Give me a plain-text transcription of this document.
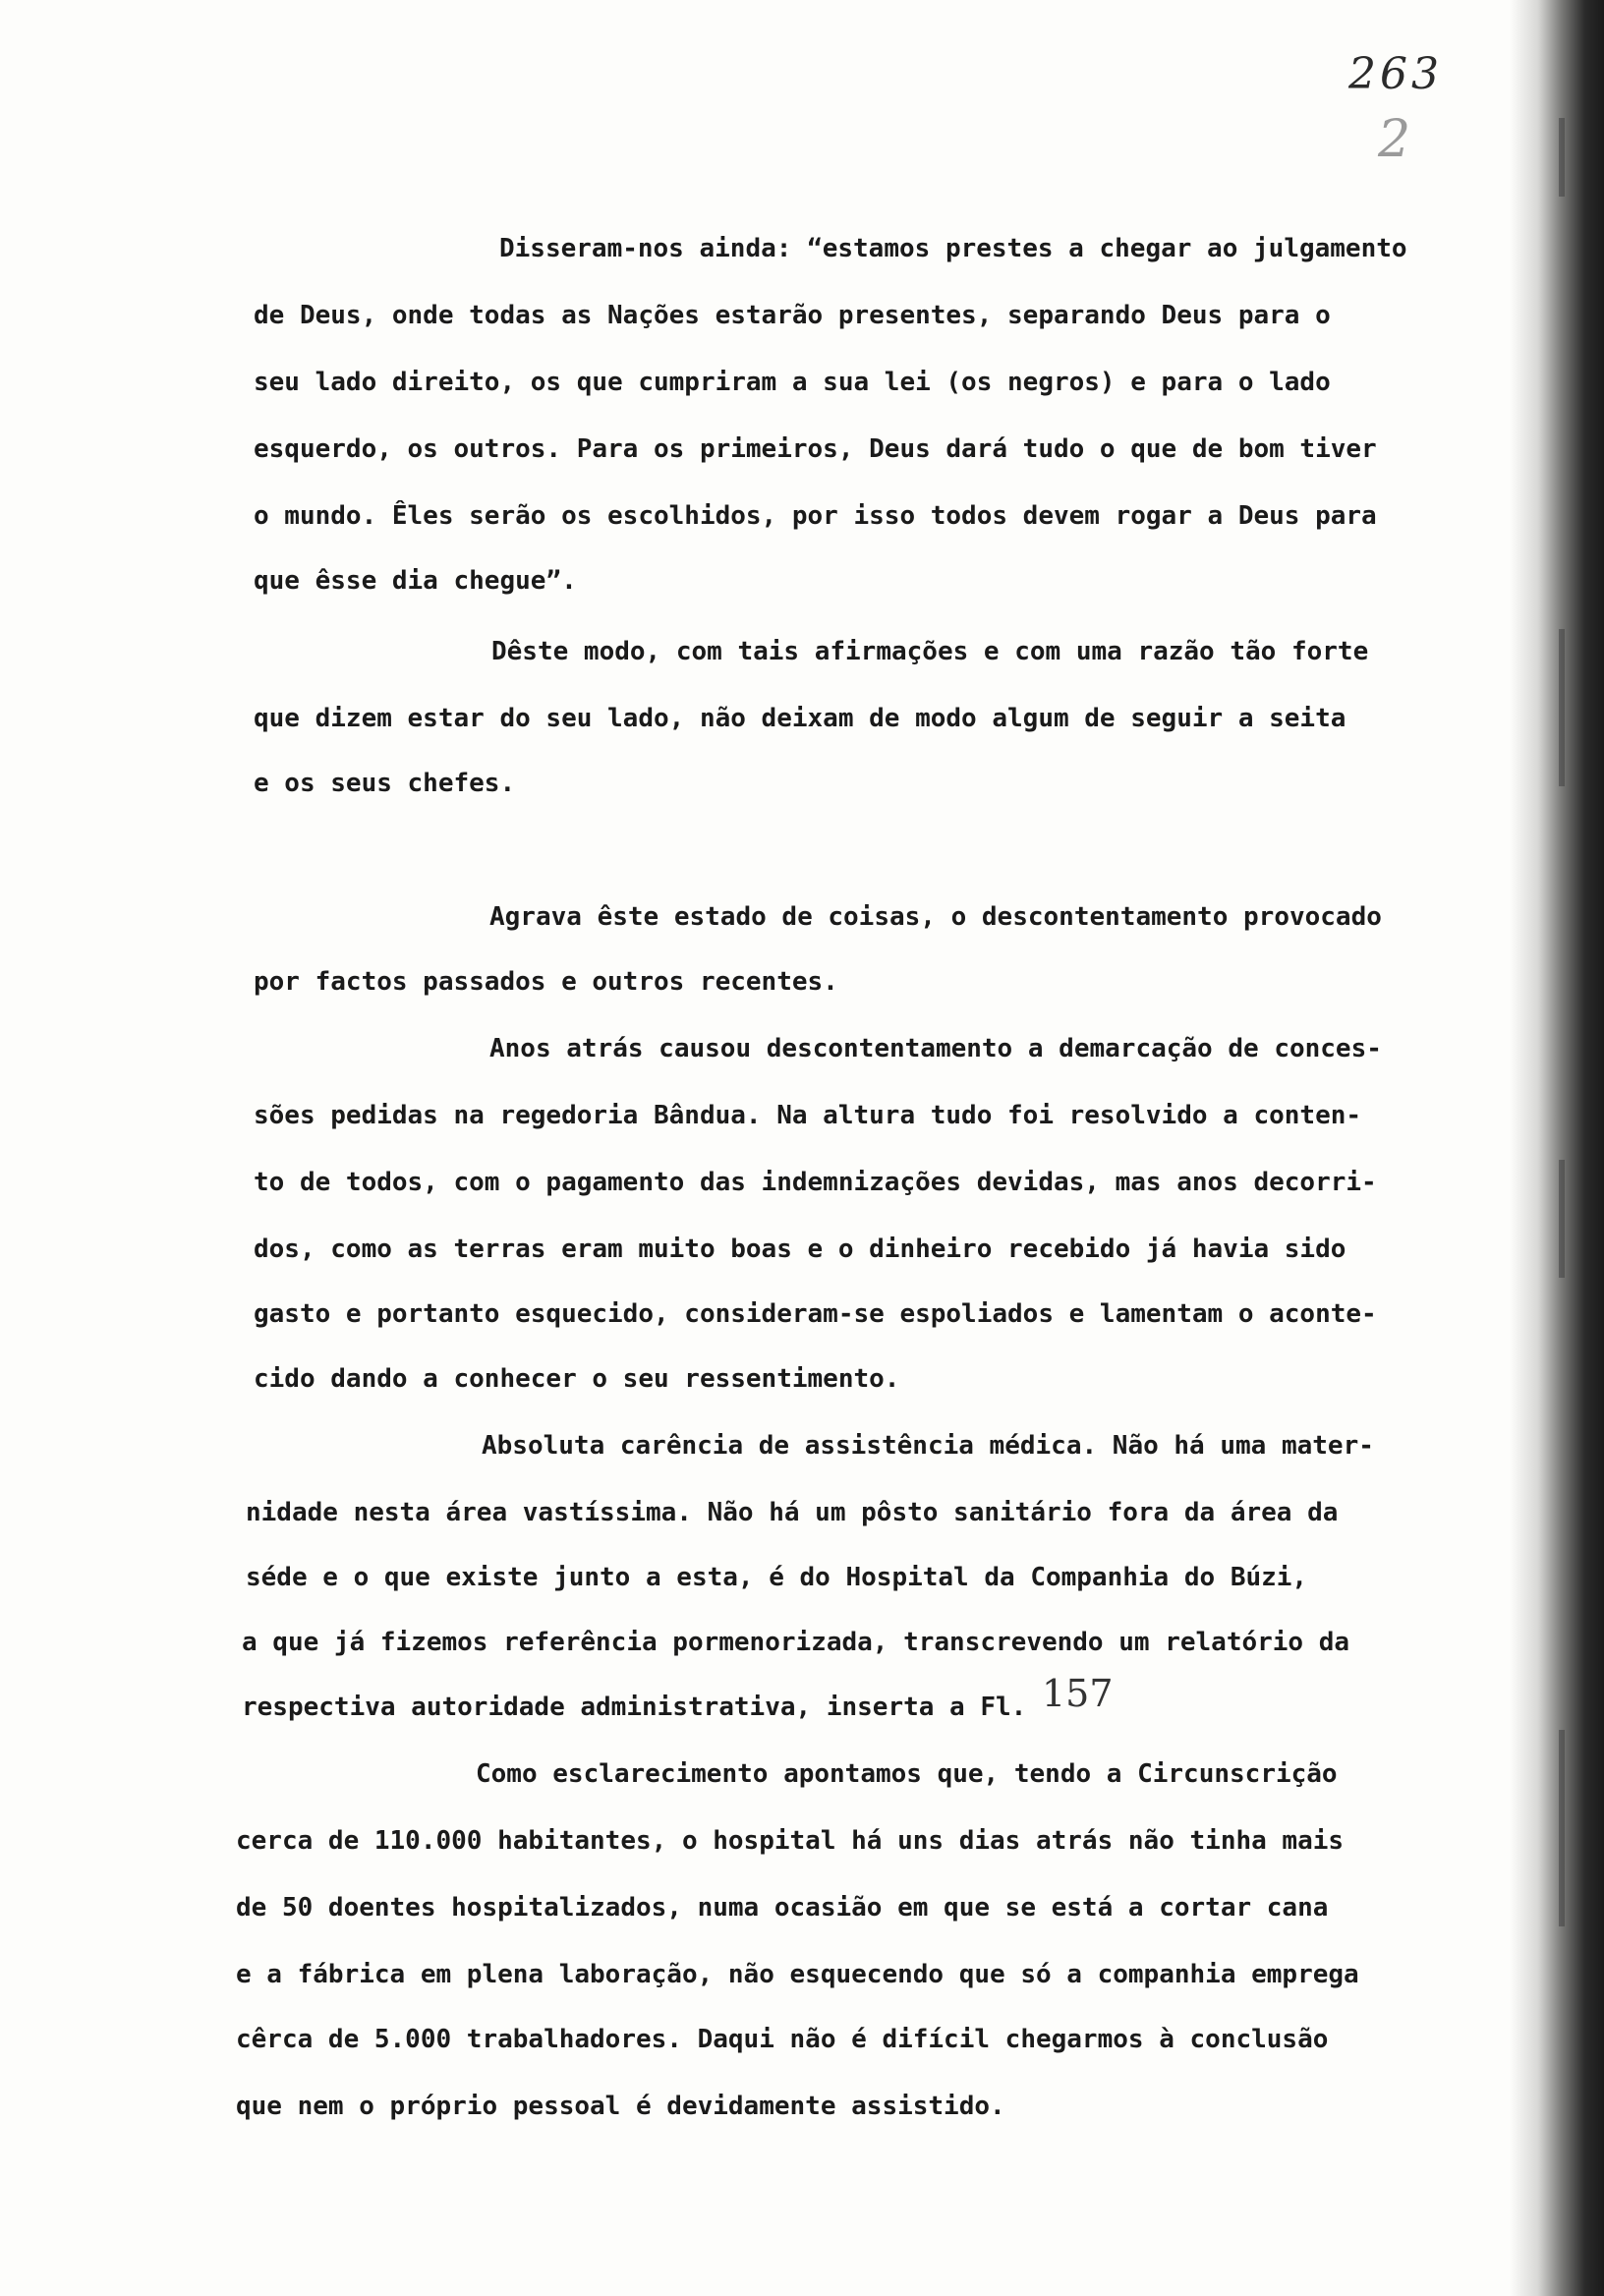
263
2
Disseram-nos ainda: “estamos prestes a chegar ao julgamento
de Deus, onde todas as Nações estarão presentes, separando Deus para o
seu lado direito, os que cumpriram a sua lei (os negros) e para o lado
esquerdo, os outros. Para os primeiros, Deus dará tudo o que de bom tiver
o mundo. Êles serão os escolhidos, por isso todos devem rogar a Deus para
que êsse dia chegue”.
Dêste modo, com tais afirmações e com uma razão tão forte
que dizem estar do seu lado, não deixam de modo algum de seguir a seita
e os seus chefes.
Agrava êste estado de coisas, o descontentamento provocado
por factos passados e outros recentes.
Anos atrás causou descontentamento a demarcação de conces-
sões pedidas na regedoria Bândua. Na altura tudo foi resolvido a conten-
to de todos, com o pagamento das indemnizações devidas, mas anos decorri-
dos, como as terras eram muito boas e o dinheiro recebido já havia sido
gasto e portanto esquecido, consideram-se espoliados e lamentam o aconte-
cido dando a conhecer o seu ressentimento.
Absoluta carência de assistência médica. Não há uma mater-
nidade nesta área vastíssima. Não há um pôsto sanitário fora da área da
séde e o que existe junto a esta, é do Hospital da Companhia do Búzi,
a que já fizemos referência pormenorizada, transcrevendo um relatório da
respectiva autoridade administrativa, inserta a Fl. 157
Como esclarecimento apontamos que, tendo a Circunscrição
cerca de 110.000 habitantes, o hospital há uns dias atrás não tinha mais
de 50 doentes hospitalizados, numa ocasião em que se está a cortar cana
e a fábrica em plena laboração, não esquecendo que só a companhia emprega
cêrca de 5.000 trabalhadores. Daqui não é difícil chegarmos à conclusão
que nem o próprio pessoal é devidamente assistido.
